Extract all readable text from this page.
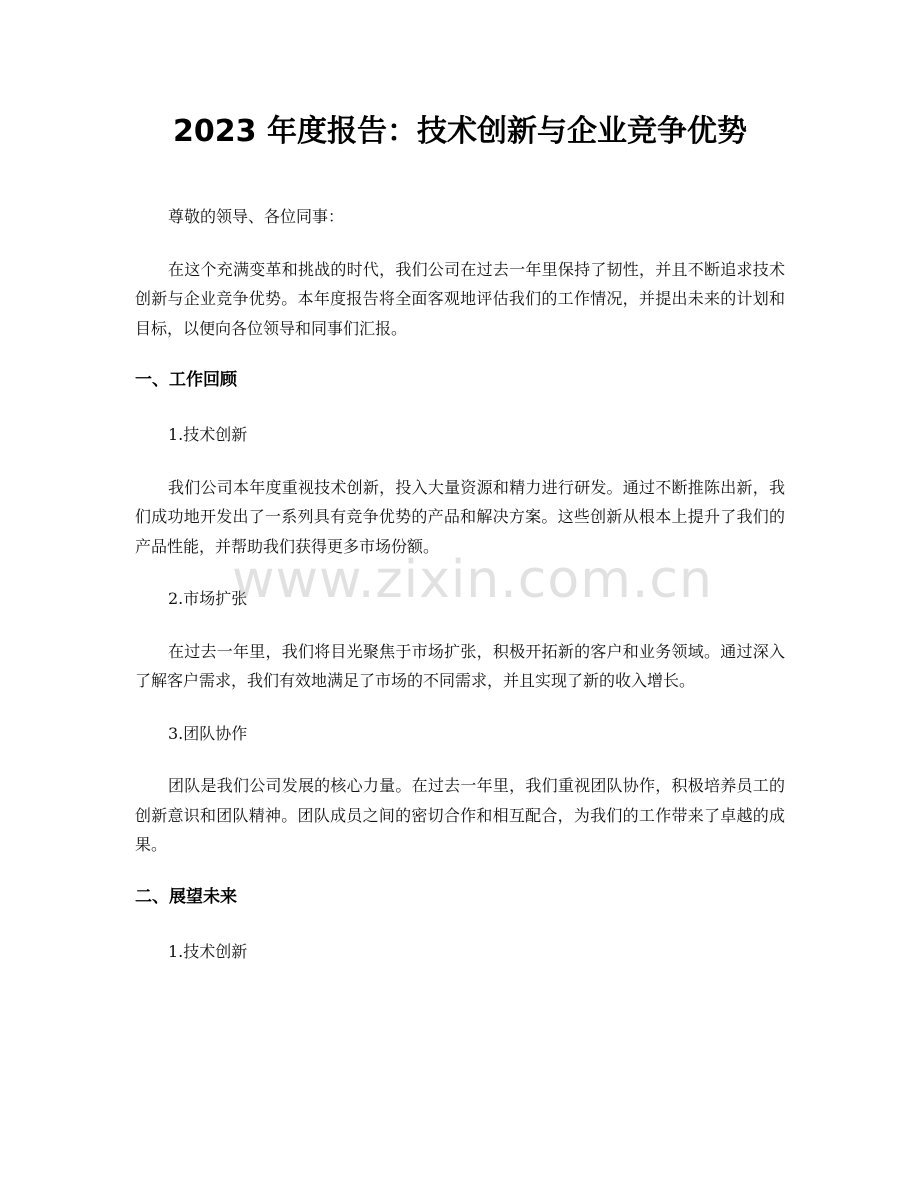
2023 年度报告：技术创新与企业竞争优势

尊敬的领导、各位同事：

在这个充满变革和挑战的时代，我们公司在过去一年里保持了韧性，并且不断追求技术创新与企业竞争优势。本年度报告将全面客观地评估我们的工作情况，并提出未来的计划和目标，以便向各位领导和同事们汇报。

一、工作回顾

1.技术创新

我们公司本年度重视技术创新，投入大量资源和精力进行研发。通过不断推陈出新，我们成功地开发出了一系列具有竞争优势的产品和解决方案。这些创新从根本上提升了我们的产品性能，并帮助我们获得更多市场份额。

2.市场扩张

在过去一年里，我们将目光聚焦于市场扩张，积极开拓新的客户和业务领域。通过深入了解客户需求，我们有效地满足了市场的不同需求，并且实现了新的收入增长。

3.团队协作

团队是我们公司发展的核心力量。在过去一年里，我们重视团队协作，积极培养员工的创新意识和团队精神。团队成员之间的密切合作和相互配合，为我们的工作带来了卓越的成果。

二、展望未来

1.技术创新

www.zixin.com.cn
